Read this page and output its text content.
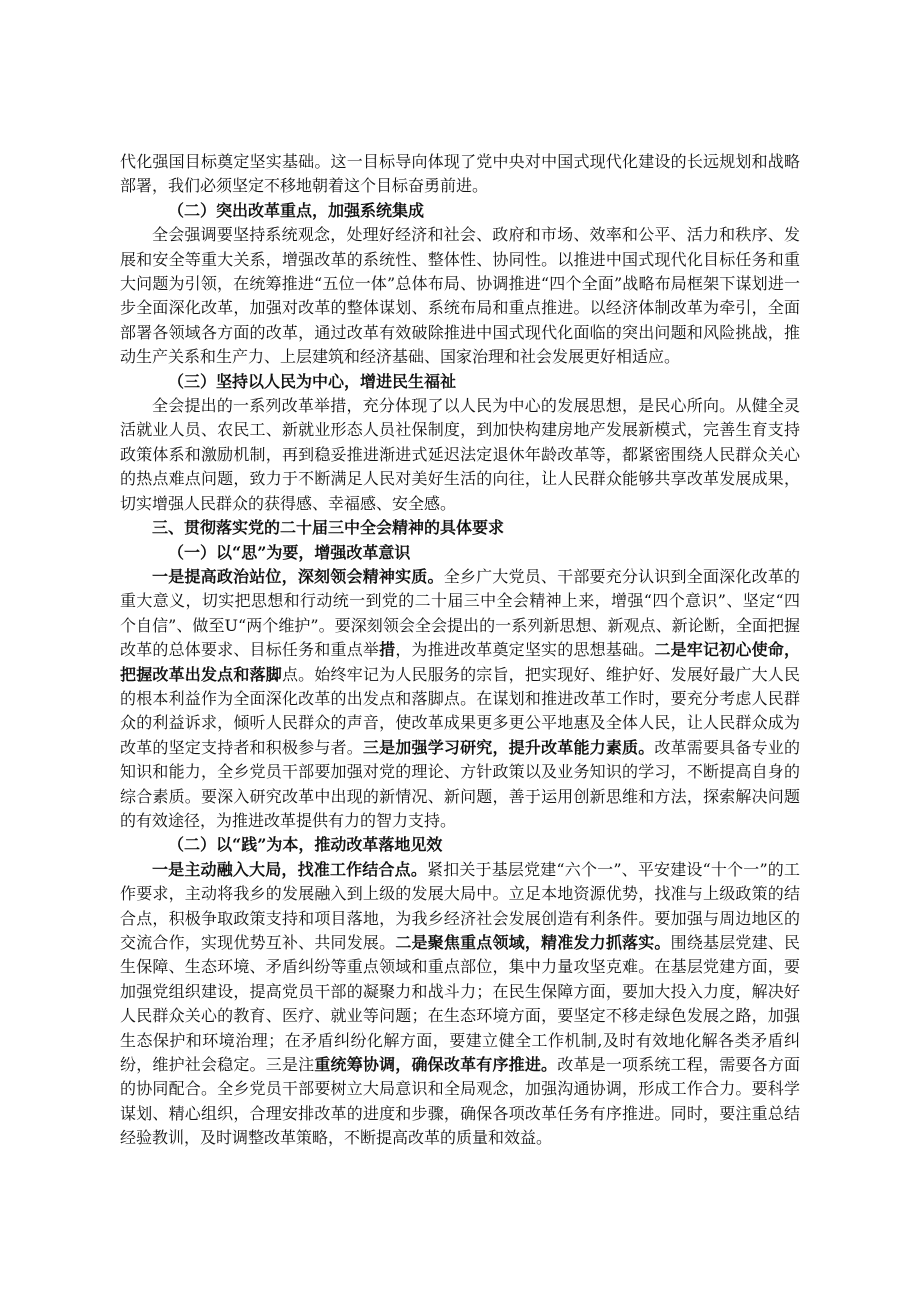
代化强国目标奠定坚实基础。这一目标导向体现了党中央对中国式现代化建设的长远规划和战略部署，我们必须坚定不移地朝着这个目标奋勇前进。

（二）突出改革重点，加强系统集成

全会强调要坚持系统观念，处理好经济和社会、政府和市场、效率和公平、活力和秩序、发展和安全等重大关系，增强改革的系统性、整体性、协同性。以推进中国式现代化目标任务和重大问题为引领，在统筹推进“五位一体”总体布局、协调推进“四个全面”战略布局框架下谋划进一步全面深化改革，加强对改革的整体谋划、系统布局和重点推进。以经济体制改革为牵引，全面部署各领域各方面的改革，通过改革有效破除推进中国式现代化面临的突出问题和风险挑战，推动生产关系和生产力、上层建筑和经济基础、国家治理和社会发展更好相适应。

（三）坚持以人民为中心，增进民生福祉

全会提出的一系列改革举措，充分体现了以人民为中心的发展思想，是民心所向。从健全灵活就业人员、农民工、新就业形态人员社保制度，到加快构建房地产发展新模式，完善生育支持政策体系和激励机制，再到稳妥推进渐进式延迟法定退休年龄改革等，都紧密围绕人民群众关心的热点难点问题，致力于不断满足人民对美好生活的向往，让人民群众能够共享改革发展成果，切实增强人民群众的获得感、幸福感、安全感。

三、贯彻落实党的二十届三中全会精神的具体要求

（一）以“思”为要，增强改革意识

一是提高政治站位，深刻领会精神实质。全乡广大党员、干部要充分认识到全面深化改革的重大意义，切实把思想和行动统一到党的二十届三中全会精神上来，增强“四个意识”、坚定“四个自信”、做至U“两个维护”。要深刻领会全会提出的一系列新思想、新观点、新论断，全面把握改革的总体要求、目标任务和重点举措，为推进改革奠定坚实的思想基础。二是牢记初心使命，把握改革出发点和落脚点。始终牢记为人民服务的宗旨，把实现好、维护好、发展好最广大人民的根本利益作为全面深化改革的出发点和落脚点。在谋划和推进改革工作时，要充分考虑人民群众的利益诉求，倾听人民群众的声音，使改革成果更多更公平地惠及全体人民，让人民群众成为改革的坚定支持者和积极参与者。三是加强学习研究，提升改革能力素质。改革需要具备专业的知识和能力，全乡党员干部要加强对党的理论、方针政策以及业务知识的学习，不断提高自身的综合素质。要深入研究改革中出现的新情况、新问题，善于运用创新思维和方法，探索解决问题的有效途径，为推进改革提供有力的智力支持。

（二）以“践”为本，推动改革落地见效

一是主动融入大局，找准工作结合点。紧扣关于基层党建“六个一”、平安建设“十个一”的工作要求，主动将我乡的发展融入到上级的发展大局中。立足本地资源优势，找准与上级政策的结合点，积极争取政策支持和项目落地，为我乡经济社会发展创造有利条件。要加强与周边地区的交流合作，实现优势互补、共同发展。二是聚焦重点领域，精准发力抓落实。围绕基层党建、民生保障、生态环境、矛盾纠纷等重点领域和重点部位，集中力量攻坚克难。在基层党建方面，要加强党组织建设，提高党员干部的凝聚力和战斗力；在民生保障方面，要加大投入力度，解决好人民群众关心的教育、医疗、就业等问题；在生态环境方面，要坚定不移走绿色发展之路，加强生态保护和环境治理；在矛盾纠纷化解方面，要建立健全工作机制,及时有效地化解各类矛盾纠纷，维护社会稳定。三是注重统筹协调，确保改革有序推进。改革是一项系统工程，需要各方面的协同配合。全乡党员干部要树立大局意识和全局观念，加强沟通协调，形成工作合力。要科学谋划、精心组织，合理安排改革的进度和步骤，确保各项改革任务有序推进。同时，要注重总结经验教训，及时调整改革策略，不断提高改革的质量和效益。
